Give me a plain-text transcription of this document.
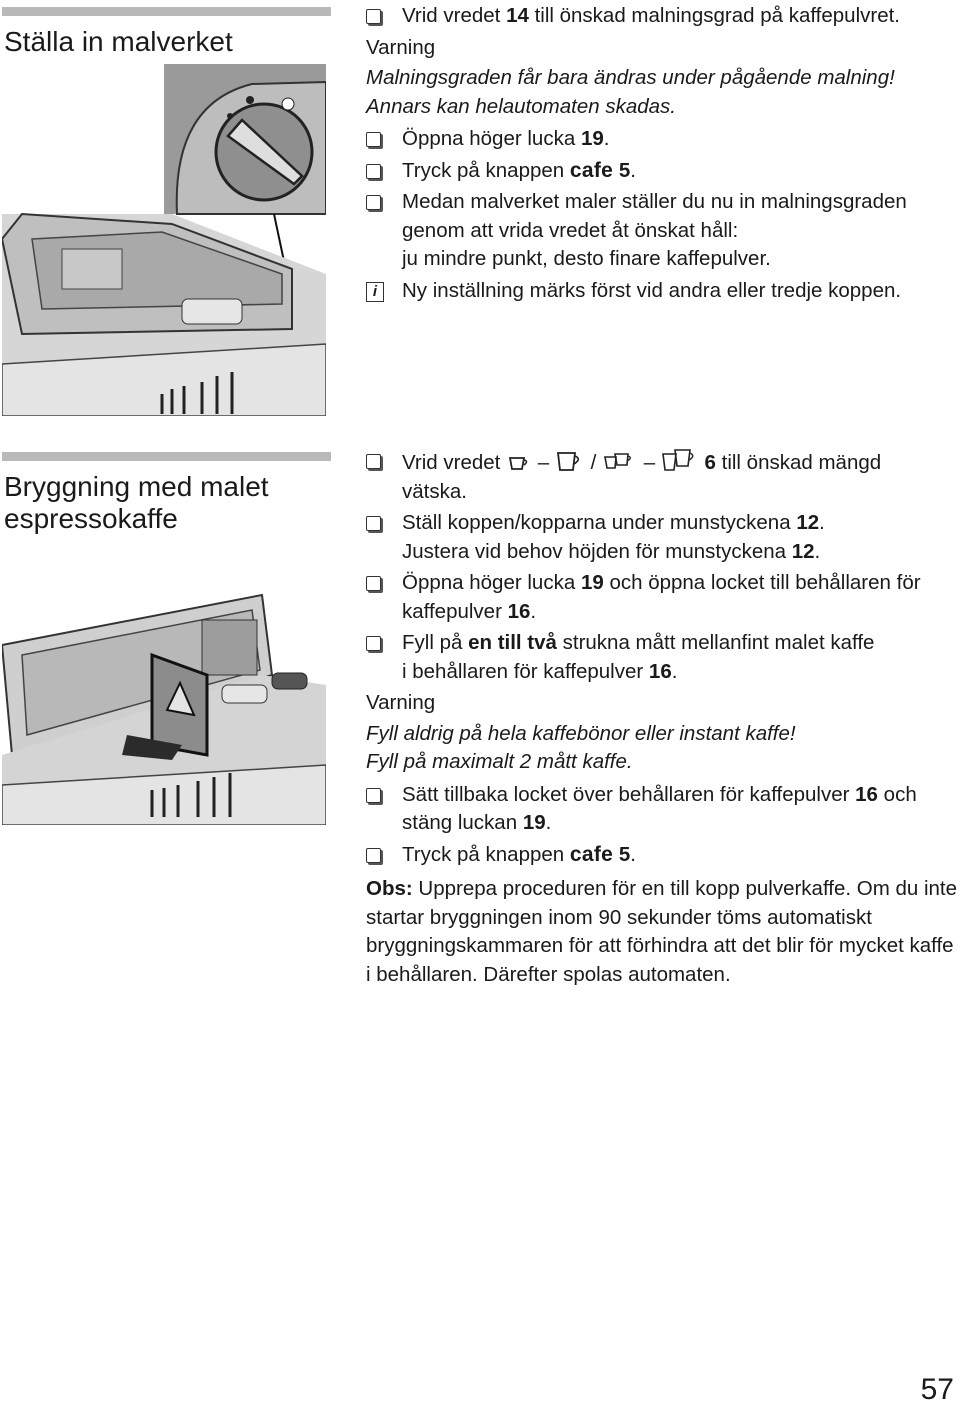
Ställa in malverket
Vrid vredet 14 till önskad malningsgrad på kaffepulvret.
Varning
Malningsgraden får bara ändras under pågående malning!
Annars kan helautomaten skadas.
Öppna höger lucka 19.
Tryck på knappen cafe 5.
Medan malverket maler ställer du nu in malningsgraden
genom att vrida vredet åt önskat håll:
ju mindre punkt, desto finare kaffepulver.
i	Ny inställning märks först vid andra eller tredje koppen.
Bryggning med malet
espressokaffe
Vrid vredet – / – 6 till önskad mängd
vätska.
Ställ koppen/kopparna under munstyckena 12.
Justera vid behov höjden för munstyckena 12.
Öppna höger lucka 19 och öppna locket till behållaren för
kaffepulver 16.
Fyll på en till två strukna mått mellanfint malet kaffe
i behållaren för kaffepulver 16.
Varning
Fyll aldrig på hela kaffebönor eller instant kaffe!
Fyll på maximalt 2 mått kaffe.
Sätt tillbaka locket över behållaren för kaffepulver 16 och
stäng luckan 19.
Tryck på knappen cafe 5.
Obs: Upprepa proceduren för en till kopp pulverkaffe. Om du inte startar bryggningen inom 90 sekunder töms automatiskt bryggningskammaren för att förhindra att det blir för mycket kaffe i behållaren. Därefter spolas automaten.
57
